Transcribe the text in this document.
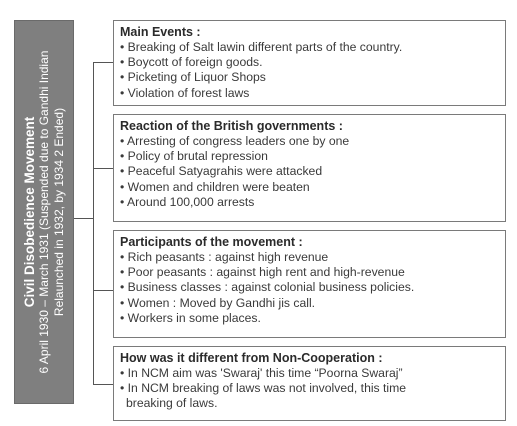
Civil Disobedience Movement 6 April 1930 – March 1931 (Suspended due to Gandhi Indian Relaunched in 1932, by 1934 2 Ended)
Main Events :
• Breaking of Salt lawin different parts of the country.
• Boycott of foreign goods.
• Picketing of Liquor Shops
• Violation of forest laws
Reaction of the British governments :
• Arresting of congress leaders one by one
• Policy of brutal repression
• Peaceful Satyagrahis were attacked
• Women and children were beaten
• Around 100,000 arrests
Participants of the movement :
• Rich peasants : against high revenue
• Poor peasants : against high rent and high-revenue
• Business classes : against colonial business policies.
• Women : Moved by Gandhi jis call.
• Workers in some places.
How was it different from Non-Cooperation :
• In NCM aim was 'Swaraj' this time “Poorna Swaraj”
• In NCM breaking of laws was not involved, this time
breaking of laws.
